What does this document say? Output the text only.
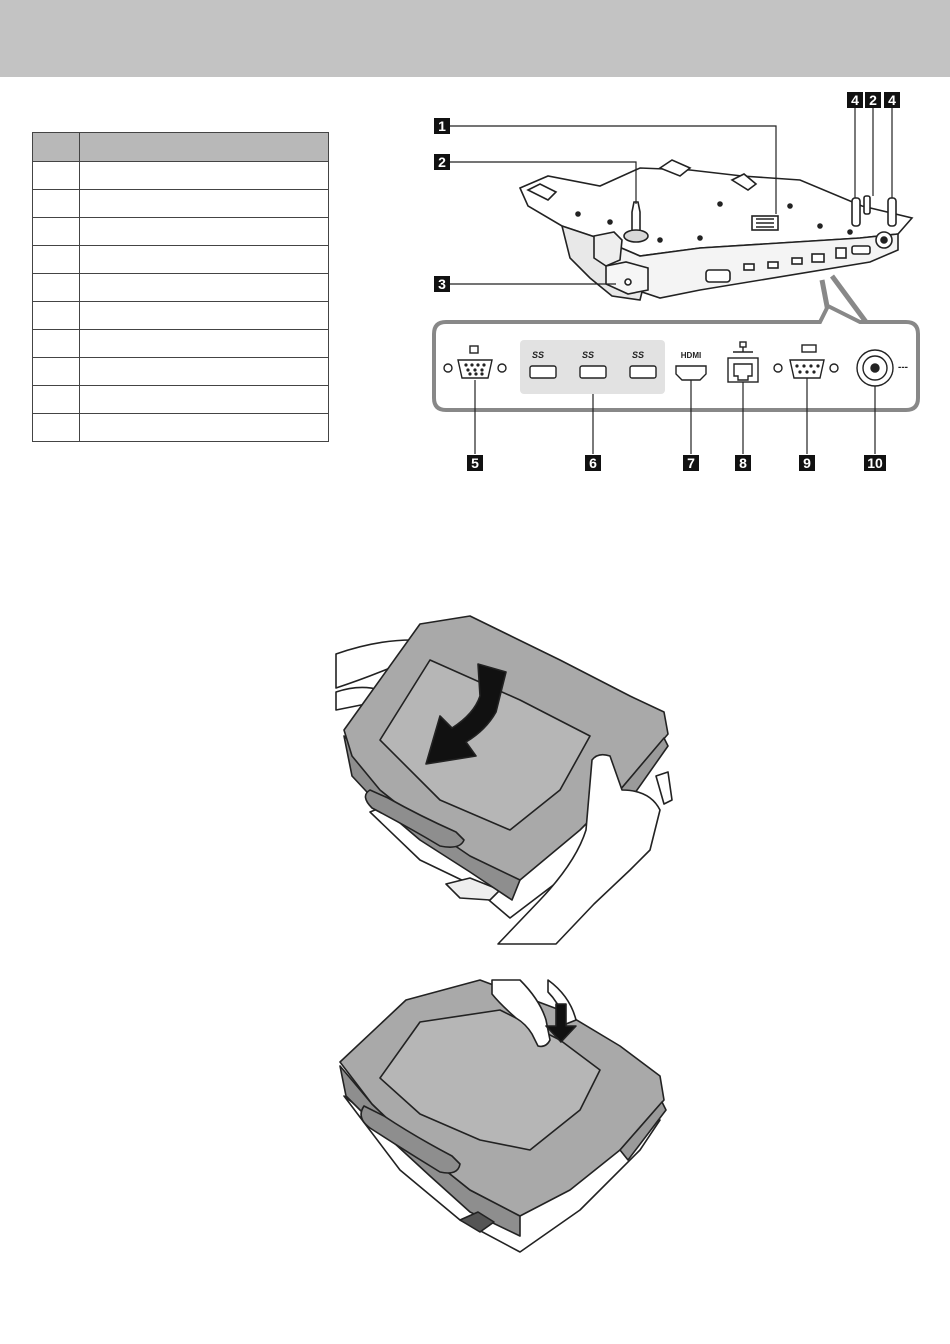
1
2
3
4 2 4
SS	SS	SS	HDMI
---
5	6	7	8	9	10
